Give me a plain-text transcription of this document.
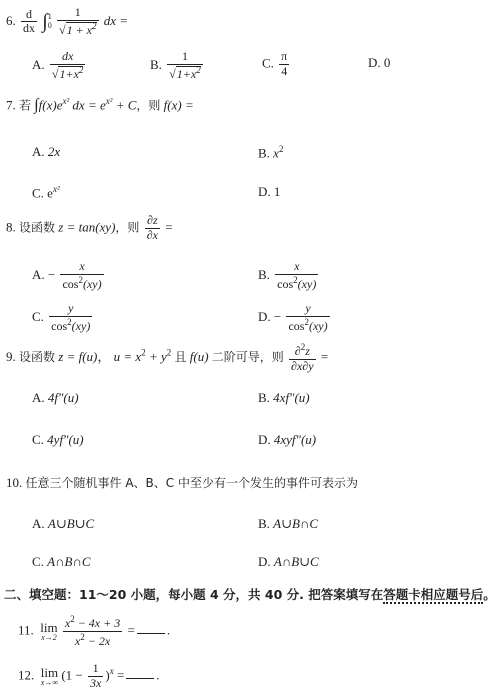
6. $\frac{d}{dx}$ ∫ 1
0
$\frac{1}{√1 + x^2}$ dx =
A. $\frac{dx}{√1+x^2}$	B. $\frac{1}{√1+x^2}$	C. $\frac{\pi}{4}$	D. 0
7. 若 $\int f(x)e^{x^2}$ dx = $e^{x^2} + C$，则 f(x) =
A. 2x	B. $x^2$
C. $e^{x^2}$	D. 1
8. 设函数 z = tan(xy)，则 $\frac{\partial z}{\partial x}$ =
A. − $\frac{x}{\cos^2(xy)}$	B. $\frac{x}{\cos^2(xy)}$
C. $\frac{y}{\cos^2(xy)}$	D. − $\frac{y}{\cos^2(xy)}$
9. 设函数 z = f(u)， $u = x^2 + y^2$ 且 f(u) 二阶可导，则 $\frac{\partial^2z}{\partial x\partial y}$ =
A. 4f″(u)	B. 4xf″(u)
C. 4yf″(u)	D. 4xyf″(u)
10. 任意三个随机事件 A、B、C 中至少有一个发生的事件可表示为
A. A∪B∪C	B. A∪B∩C
C. A∩B∩C	D. A∩B∪C
二、填空题：11～20 小题，每小题 4 分，共 40 分. 把答案填写在答题卡相应题号后。
11. lim
x→2
$\frac{x^2 - 4x + 3}{x^2 - 2x}$ = .
12. lim
x→∞
$(1 - \frac{1}{3x} )^x$ = .
